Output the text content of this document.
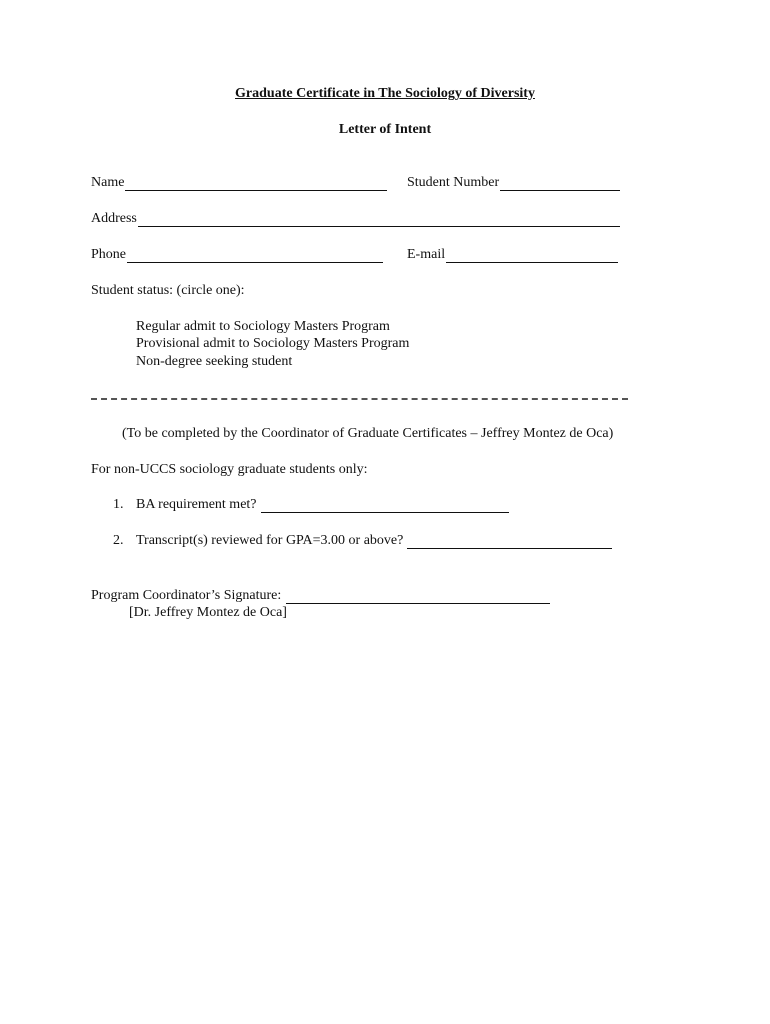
Graduate Certificate in The Sociology of Diversity
Letter of Intent
Name	Student Number
Address
Phone	E-mail
Student status: (circle one):
Regular admit to Sociology Masters Program
Provisional admit to Sociology Masters Program
Non-degree seeking student
(To be completed by the Coordinator of Graduate Certificates – Jeffrey Montez de Oca)
For non-UCCS sociology graduate students only:
1. BA requirement met?
2. Transcript(s) reviewed for GPA=3.00 or above?
Program Coordinator’s Signature:
[Dr. Jeffrey Montez de Oca]
